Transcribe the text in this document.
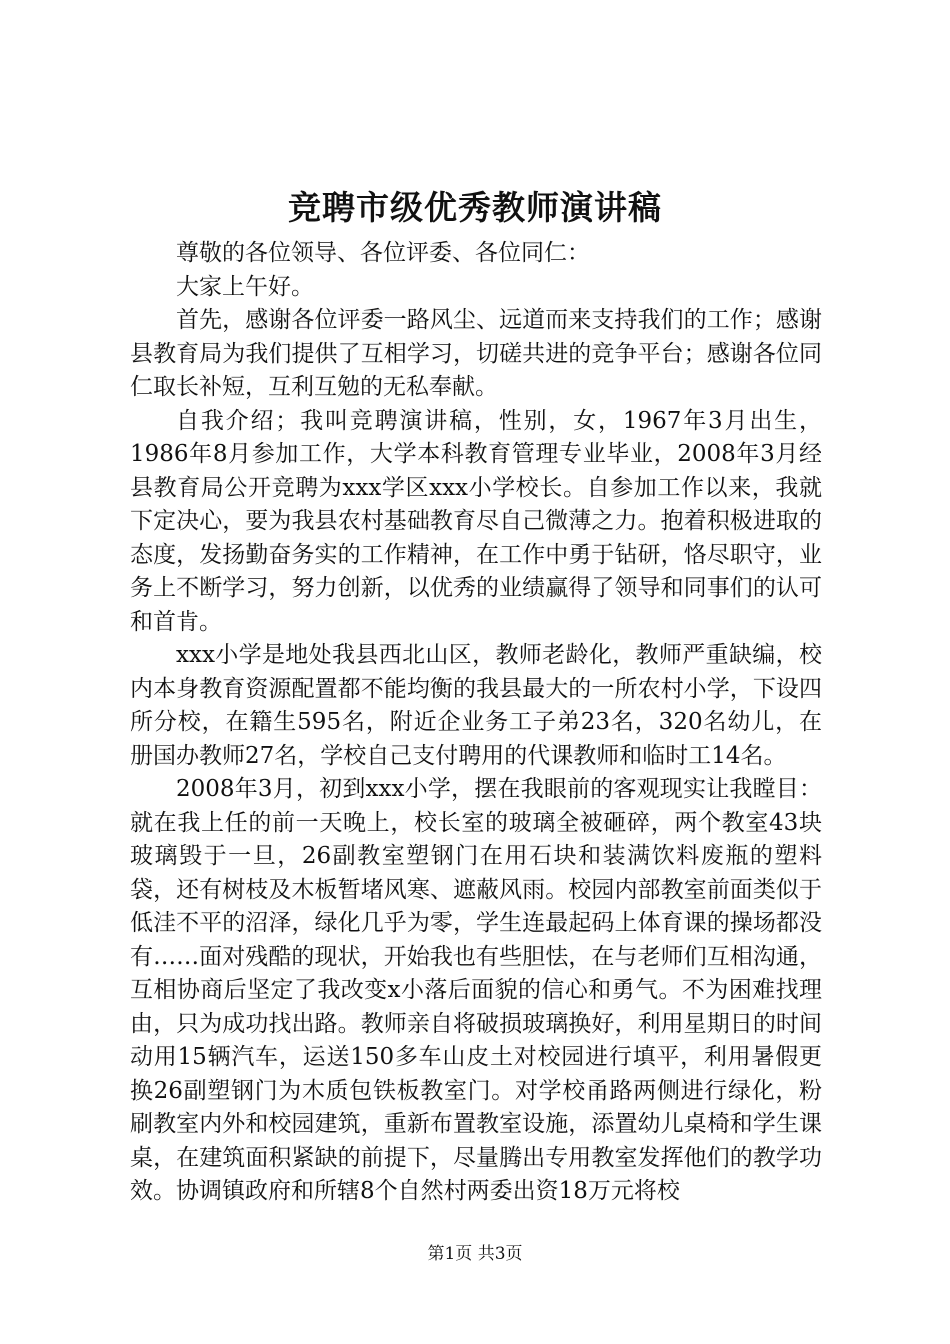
竞聘市级优秀教师演讲稿

尊敬的各位领导、各位评委、各位同仁：

大家上午好。

首先，感谢各位评委一路风尘、远道而来支持我们的工作；感谢县教育局为我们提供了互相学习，切磋共进的竞争平台；感谢各位同仁取长补短，互利互勉的无私奉献。

自我介绍；我叫竞聘演讲稿，性别，女，1967年3月出生，1986年8月参加工作，大学本科教育管理专业毕业，2008年3月经县教育局公开竞聘为xxx学区xxx小学校长。自参加工作以来，我就下定决心，要为我县农村基础教育尽自己微薄之力。抱着积极进取的态度，发扬勤奋务实的工作精神，在工作中勇于钻研，恪尽职守，业务上不断学习，努力创新，以优秀的业绩赢得了领导和同事们的认可和首肯。

xxx小学是地处我县西北山区，教师老龄化，教师严重缺编，校内本身教育资源配置都不能均衡的我县最大的一所农村小学，下设四所分校，在籍生595名，附近企业务工子弟23名，320名幼儿，在册国办教师27名，学校自己支付聘用的代课教师和临时工14名。

2008年3月，初到xxx小学，摆在我眼前的客观现实让我瞠目：就在我上任的前一天晚上，校长室的玻璃全被砸碎，两个教室43块玻璃毁于一旦，26副教室塑钢门在用石块和装满饮料废瓶的塑料袋，还有树枝及木板暂堵风寒、遮蔽风雨。校园内部教室前面类似于低洼不平的沼泽，绿化几乎为零，学生连最起码上体育课的操场都没有……面对残酷的现状，开始我也有些胆怯，在与老师们互相沟通，互相协商后坚定了我改变x小落后面貌的信心和勇气。不为困难找理由，只为成功找出路。教师亲自将破损玻璃换好，利用星期日的时间动用15辆汽车，运送150多车山皮土对校园进行填平，利用暑假更换26副塑钢门为木质包铁板教室门。对学校甬路两侧进行绿化，粉刷教室内外和校园建筑，重新布置教室设施，添置幼儿桌椅和学生课桌，在建筑面积紧缺的前提下，尽量腾出专用教室发挥他们的教学功效。协调镇政府和所辖8个自然村两委出资18万元将校

第1页 共3页
